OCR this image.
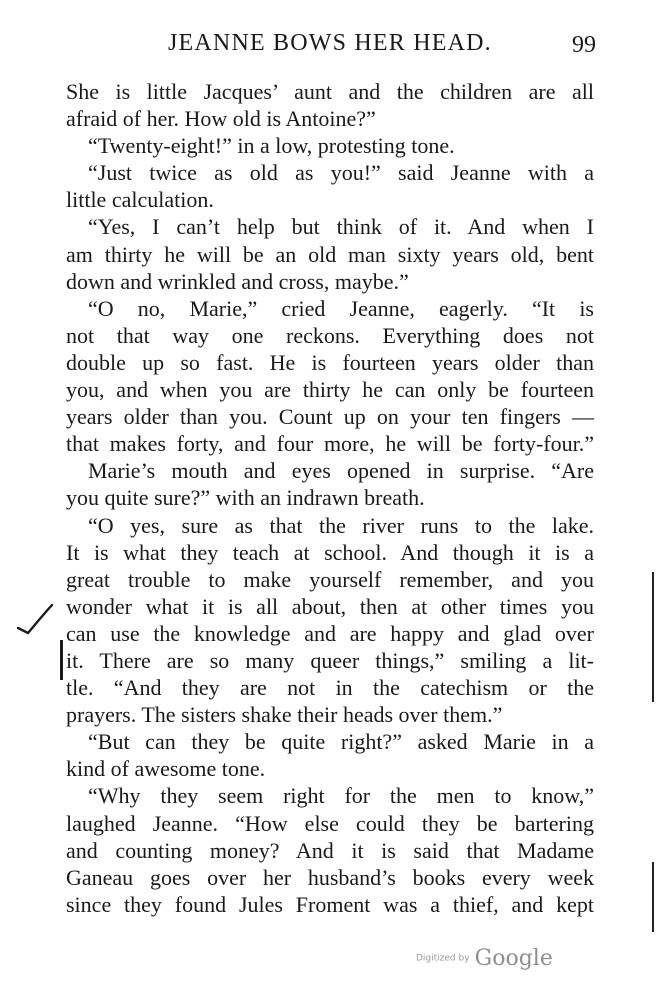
JEANNE BOWS HER HEAD.	99
She is little Jacques’ aunt and the children are all
afraid of her. How old is Antoine?”
“Twenty-eight!” in a low, protesting tone.
“Just twice as old as you!” said Jeanne with a
little calculation.
“Yes, I can’t help but think of it. And when I
am thirty he will be an old man sixty years old, bent
down and wrinkled and cross, maybe.”
“O no, Marie,” cried Jeanne, eagerly. “It is
not that way one reckons. Everything does not
double up so fast. He is fourteen years older than
you, and when you are thirty he can only be fourteen
years older than you. Count up on your ten fingers —
that makes forty, and four more, he will be forty-four.”
Marie’s mouth and eyes opened in surprise. “Are
you quite sure?” with an indrawn breath.
“O yes, sure as that the river runs to the lake.
It is what they teach at school. And though it is a
great trouble to make yourself remember, and you
wonder what it is all about, then at other times you
can use the knowledge and are happy and glad over
it. There are so many queer things,” smiling a lit-
tle. “And they are not in the catechism or the
prayers. The sisters shake their heads over them.”
“But can they be quite right?” asked Marie in a
kind of awesome tone.
“Why they seem right for the men to know,”
laughed Jeanne. “How else could they be bartering
and counting money? And it is said that Madame
Ganeau goes over her husband’s books every week
since they found Jules Froment was a thief, and kept
Digitized by Google
